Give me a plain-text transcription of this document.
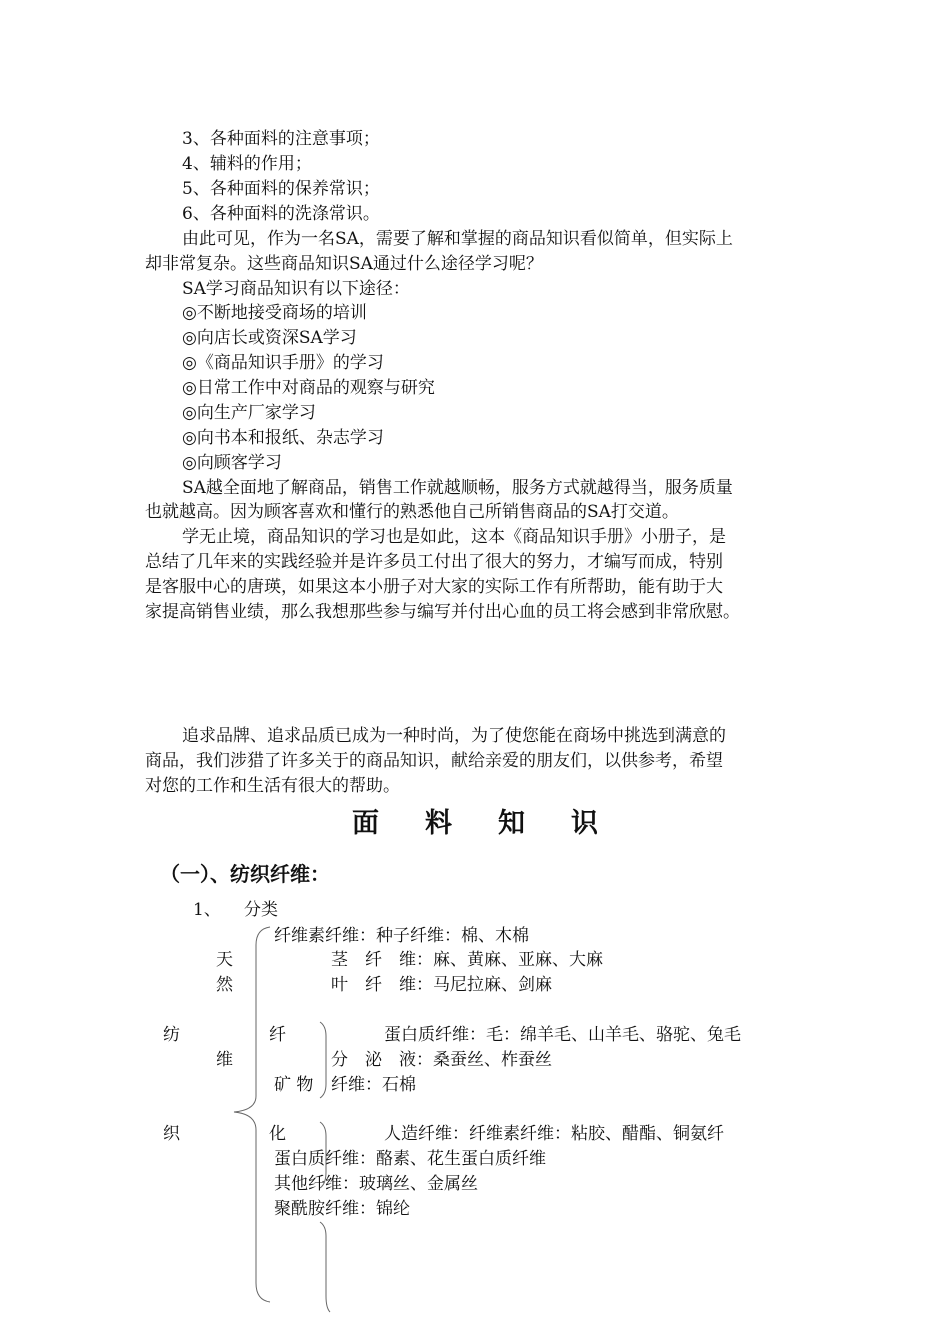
3、各种面料的注意事项；
4、辅料的作用；
5、各种面料的保养常识；
6、各种面料的洗涤常识。
由此可见，作为一名SA，需要了解和掌握的商品知识看似简单，但实际上
却非常复杂。这些商品知识SA通过什么途径学习呢？
SA学习商品知识有以下途径：
◎不断地接受商场的培训
◎向店长或资深SA学习
◎《商品知识手册》的学习
◎日常工作中对商品的观察与研究
◎向生产厂家学习
◎向书本和报纸、杂志学习
◎向顾客学习
SA越全面地了解商品，销售工作就越顺畅，服务方式就越得当，服务质量
也就越高。因为顾客喜欢和懂行的熟悉他自己所销售商品的SA打交道。
学无止境，商品知识的学习也是如此，这本《商品知识手册》小册子，是
总结了几年来的实践经验并是许多员工付出了很大的努力，才编写而成，特别
是客服中心的唐瑛，如果这本小册子对大家的实际工作有所帮助，能有助于大
家提高销售业绩，那么我想那些参与编写并付出心血的员工将会感到非常欣慰。
追求品牌、追求品质已成为一种时尚，为了使您能在商场中挑选到满意的
商品，我们涉猎了许多关于的商品知识，献给亲爱的朋友们，以供参考，希望
对您的工作和生活有很大的帮助。
面 料 知 识
（一）、纺织纤维：
1、 分类
纤维素纤维：种子纤维：棉、木棉
天	茎　纤　维：麻、黄麻、亚麻、大麻
然	叶　纤　维：马尼拉麻、剑麻
纺	纤	蛋白质纤维：毛：绵羊毛、山羊毛、骆驼、兔毛
维	分　泌　液：桑蚕丝、柞蚕丝
矿 物 纤维：石棉
织	化	人造纤维：纤维素纤维：粘胶、醋酯、铜氨纤
蛋白质纤维：酪素、花生蛋白质纤维
其他纤维：玻璃丝、金属丝
聚酰胺纤维：锦纶
